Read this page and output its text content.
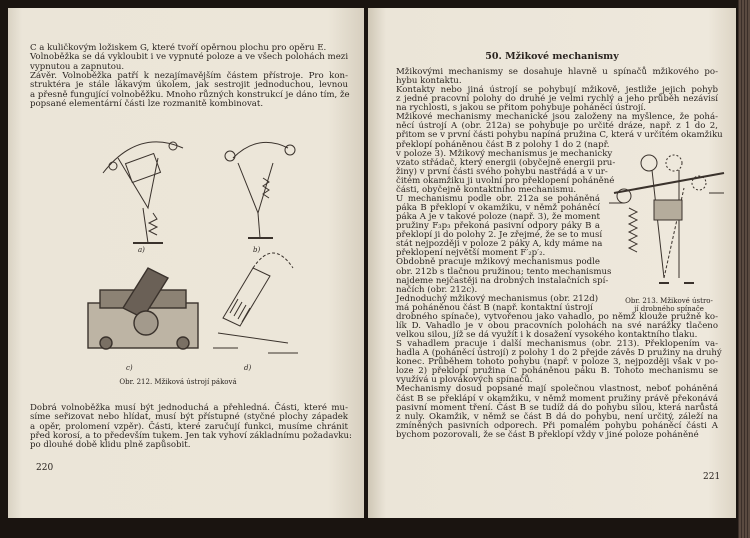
C a kuličkovým ložiskem G, které tvoří opěrnou plochu pro opěru E.
Volnoběžka se dá vykloubit i ve vypnuté poloze a ve všech polohách mezi
vypnutou a zapnutou.
Závěr. Volnoběžka patří k nezajímavějším částem přístroje. Pro kon-
struktéra je stále lákavým úkolem, jak sestrojit jednoduchou, levnou
a přesně fungující volnoběžku. Mnoho různých konstrukcí je dáno tím, že
popsané elementární části lze rozmanitě kombinovat.
Dobrá volnoběžka musí být jednoduchá a přehledná. Části, které mu-
síme seřizovat nebo hlídat, musí být přístupné (styčné plochy západek
a opěr, prolomení vzpěr). Části, které zaručují funkci, musíme chránit
před korosí, a to především tukem. Jen tak vyhoví základnímu požadavku:
po dlouhé době klidu plně zapůsobit.
a)	b)
c)	d)
Obr. 212. Mžiková ústrojí páková
220
50. Mžikové mechanismy
Mžikovými mechanismy se dosahuje hlavně u spínačů mžikového po-
hybu kontaktu.
Kontakty nebo jiná ústrojí se pohybují mžikově, jestliže jejich pohyb
z jedné pracovní polohy do druhé je velmi rychlý a jeho průběh nezávisí
na rychlosti, s jakou se přitom pohybuje poháněcí ústrojí.
Mžikové mechanismy mechanické jsou založeny na myšlence, že pohá-
něcí ústrojí A (obr. 212a) se pohybuje po určité dráze, např. z 1 do 2,
přitom se v první části pohybu napíná pružina C, která v určitém okamžiku
překlopí poháněnou část B z polohy 1 do 2 (např.
v poloze 3). Mžikový mechanismus je mechanicky
vzato střádač, který energii (obyčejně energii pru-
žiny) v první části svého pohybu nastřádá a v ur-
čitém okamžiku ji uvolní pro překlopení poháněné
části, obyčejně kontaktního mechanismu.
U mechanismu podle obr. 212a se poháněná
páka B překlopí v okamžiku, v němž poháněcí
páka A je v takové poloze (např. 3), že moment
pružiny F₃p₃ překoná pasivní odpory páky B a
překlopí ji do polohy 2. Je zřejmé, že se to musí
stát nejpozději v poloze 2 páky A, kdy máme na
překlopení největší moment F′₂p′₂.
Obdobně pracuje mžikový mechanismus podle
obr. 212b s tlačnou pružinou; tento mechanismus
najdeme nejčastěji na drobných instalačních spí-
načích (obr. 212c).
Jednoduchý mžikový mechanismus (obr. 212d)
má poháněnou část B (např. kontaktní ústrojí
drobného spínače), vytvořenou jako vahadlo, po němž klouže pružně ko-
lík D. Vahadlo je v obou pracovních polohách na své narážky tlačeno
velkou silou, jíž se dá využít i k dosažení vysokého kontaktního tlaku.
S vahadlem pracuje i další mechanismus (obr. 213). Překlopením va-
hadla A (poháněcí ústrojí) z polohy 1 do 2 přejde závěs D pružiny na druhý
konec. Průběhem tohoto pohybu (např. v poloze 3, nejpozději však v po-
loze 2) překlopí pružina C poháněnou páku B. Tohoto mechanismu se
využívá u plovákových spínačů.
Mechanismy dosud popsané mají společnou vlastnost, neboť poháněná
část B se překlápí v okamžiku, v němž moment pružiny právě překonává
pasivní moment tření. Část B se tudíž dá do pohybu silou, která narůstá
z nuly. Okamžik, v němž se část B dá do pohybu, není určitý, záleží na
zmíněných pasivních odporech. Při pomalém pohybu poháněcí části A
bychom pozorovali, že se část B překlopí vždy v jiné poloze poháněné
Obr. 213. Mžikové ústro-
jí drobného spínače
221
